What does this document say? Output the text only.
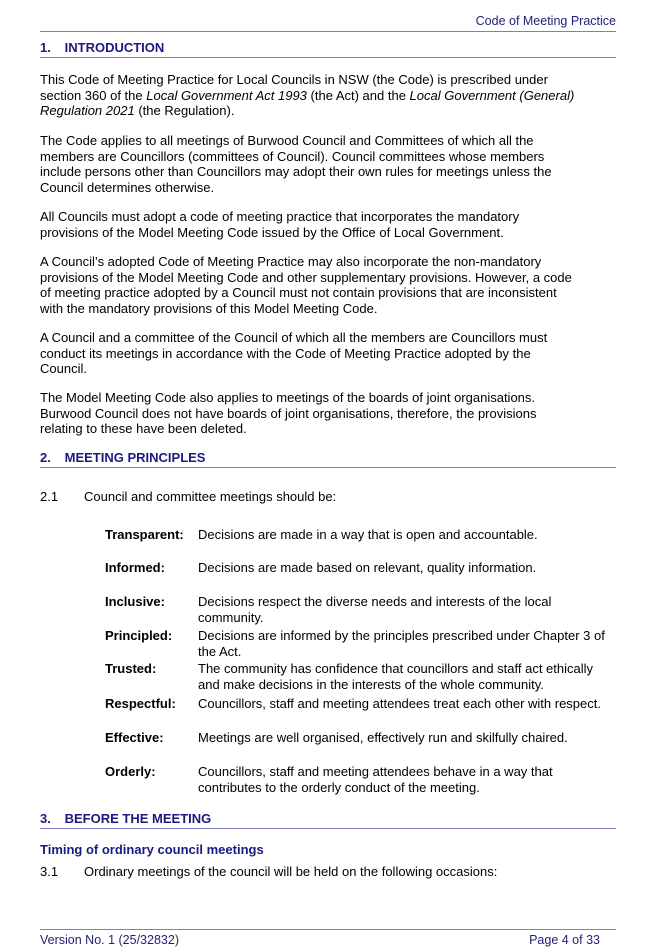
Code of Meeting Practice
1. INTRODUCTION
This Code of Meeting Practice for Local Councils in NSW (the Code) is prescribed under section 360 of the Local Government Act 1993 (the Act) and the Local Government (General) Regulation 2021 (the Regulation).
The Code applies to all meetings of Burwood Council and Committees of which all the members are Councillors (committees of Council). Council committees whose members include persons other than Councillors may adopt their own rules for meetings unless the Council determines otherwise.
All Councils must adopt a code of meeting practice that incorporates the mandatory provisions of the Model Meeting Code issued by the Office of Local Government.
A Council’s adopted Code of Meeting Practice may also incorporate the non-mandatory provisions of the Model Meeting Code and other supplementary provisions. However, a code of meeting practice adopted by a Council must not contain provisions that are inconsistent with the mandatory provisions of this Model Meeting Code.
A Council and a committee of the Council of which all the members are Councillors must conduct its meetings in accordance with the Code of Meeting Practice adopted by the Council.
The Model Meeting Code also applies to meetings of the boards of joint organisations. Burwood Council does not have boards of joint organisations, therefore, the provisions relating to these have been deleted.
2. MEETING PRINCIPLES
2.1 Council and committee meetings should be:
Transparent: Decisions are made in a way that is open and accountable.
Informed:	Decisions are made based on relevant, quality information.
Inclusive:	Decisions respect the diverse needs and interests of the local community.
Principled: Decisions are informed by the principles prescribed under Chapter 3 of the Act.
Trusted:	The community has confidence that councillors and staff act ethically and make decisions in the interests of the whole community.
Respectful: Councillors, staff and meeting attendees treat each other with respect.
Effective:	Meetings are well organised, effectively run and skilfully chaired.
Orderly:	Councillors, staff and meeting attendees behave in a way that contributes to the orderly conduct of the meeting.
3. BEFORE THE MEETING
Timing of ordinary council meetings
3.1 Ordinary meetings of the council will be held on the following occasions:
Version No. 1 (25/32832)	Page 4 of 33
